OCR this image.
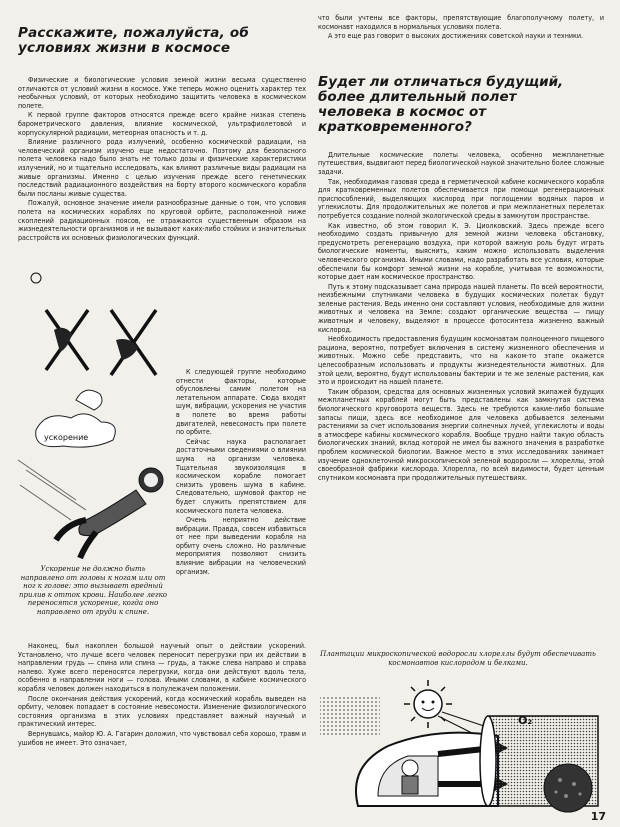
Расскажите, пожалуйста, об условиях жизни в космосе

Физические и биологические условия земной жизни весьма существенно отличаются от условий жизни в космосе. Уже теперь можно оценить характер тех необычных условий, от которых необходимо защитить человека в космическом полете.

К первой группе факторов относятся прежде всего крайне низкая степень барометрического давления, влияние космической, ультрафиолетовой и корпускулярной радиации, метеорная опасность и т. д.

Влияние различного рода излучений, особенно космической радиации, на человеческий организм изучено еще недостаточно. Поэтому для безопасного полета человека надо было знать не только дозы и физические характеристики излучений, но и тщательно исследовать, как влияют различные виды радиации на живые организмы. Именно с целью изучения прежде всего генетических последствий радиационного воздействия на борту второго космического корабля были посланы живые существа.

Пожалуй, основное значение имели разнообразные данные о том, что условия полета на космических кораблях по круговой орбите, расположенной ниже скоплений радиационных поясов, не отражаются существенным образом на жизнедеятельности организмов и не вызывают каких-либо стойких и значительных расстройств их основных физиологических функций.

К следующей группе необходимо отнести факторы, которые обусловлены самим полетом на летательном аппарате. Сюда входят шум, вибрации, ускорения не участия в полете во время работы двигателей, невесомость при полете по орбите.

Сейчас наука располагает достаточными сведениями о влиянии шума на организм человека. Тщательная звукоизоляция в космическом корабле помогает снизить уровень шума в кабине. Следовательно, шумовой фактор не будет служить препятствием для космического полета человека.

Очень неприятно действие вибрации. Правда, совсем избавиться от нее при выведении корабля на орбиту очень сложно. Но различные мероприятия позволяют снизить влияние вибрации на человеческий организм.

ускорение
Ускорение не должно быть направлено от головы к ногам или от ног к голове: это вызывает вредный прилив к отток крови. Наиболее легко переносятся ускорение, когда оно направлено от груди к спине.

Наконец, был накоплен большой научный опыт о действии ускорений. Установлено, что лучше всего человек переносит перегрузки при их действии в направлении грудь — спина или спина — грудь, а также слева направо и справа налево. Хуже всего переносятся перегрузки, когда они действуют вдоль тела, особенно в направлении ноги — голова. Иными словами, в кабине космического корабля человек должен находиться в полулежачем положении.

После окончания действия ускорений, когда космический корабль выведен на орбиту, человек попадает в состояние невесомости. Изменение физиологического состояния организма в этих условиях представляет важный научный и практический интерес.

Вернувшись, майор Ю. А. Гагарин доложил, что чувствовал себя хорошо, травм и ушибов не имеет. Это означает,

что были учтены все факторы, препятствующие благополучному полету, и космонавт находился в нормальных условиях полета.

А это еще раз говорит о высоких достижениях советской науки и техники.

Будет ли отличаться будущий, более длительный полет человека в космос от кратковременного?

Длительные космические полеты человека, особенно межпланетные путешествия, выдвигают перед биологической наукой значительно более сложные задачи.

Так, необходимая газовая среда в герметической кабине космического корабля для кратковременных полетов обеспечивается при помощи регенерационных приспособлений, выделяющих кислород при поглощении водяных паров и углекислоты. Для продолжительных же полетов и при межпланетных перелетах потребуется создание полной экологической среды в замкнутом пространстве.

Как известно, об этом говорил К. Э. Циолковский. Здесь прежде всего необходимо создать привычную для земной жизни человека обстановку, предусмотреть регенерацию воздуха, при которой важную роль будут играть биологические моменты, выяснить, каким можно использовать выделения человеческого организма. Иными словами, надо разработать все условия, которые обеспечили бы комфорт земной жизни на корабле, учитывая те возможности, которые дает нам космическое пространство.

Путь к этому подсказывает сама природа нашей планеты. По всей вероятности, неизбежными спутниками человека в будущих космических полетах будут зеленые растения. Ведь именно они составляют условия, необходимые для жизни животных и человека на Земле: создают органические вещества — пищу животным и человеку, выделяют в процессе фотосинтеза жизненно важный кислород.

Необходимость предоставления будущим космонавтам полноценного пищевого рациона, вероятно, потребует включения в систему жизненного обеспечения и животных. Можно себе представить, что на каком-то этапе окажется целесообразным использовать и продукты жизнедеятельности животных. Для этой цели, вероятно, будут использованы бактерии и те же зеленые растения, как это и происходит на нашей планете.

Таким образом, средства для основных жизненных условий экипажей будущих межпланетных кораблей могут быть представлены как замкнутая система биологического круговорота веществ. Здесь не требуются какие-либо большие запасы пищи, здесь все необходимое для человека добывается зелеными растениями за счет использования энергии солнечных лучей, углекислоты и воды в атмосфере кабины космического корабля. Вообще трудно найти такую область биологических знаний, вклад которой не имел бы важного значения в разработке проблем космической биологии. Важное место в этих исследованиях занимает изучение одноклеточной микроскопической зеленой водоросли — хлореллы, этой своеобразной фабрики кислорода. Хлорелла, по всей видимости, будет ценным спутником космонавта при продолжительных путешествиях.

Плантации микроскопической водоросли хлореллы будут обеспечивать космонавтов кислородом и белками.
O₂
17
